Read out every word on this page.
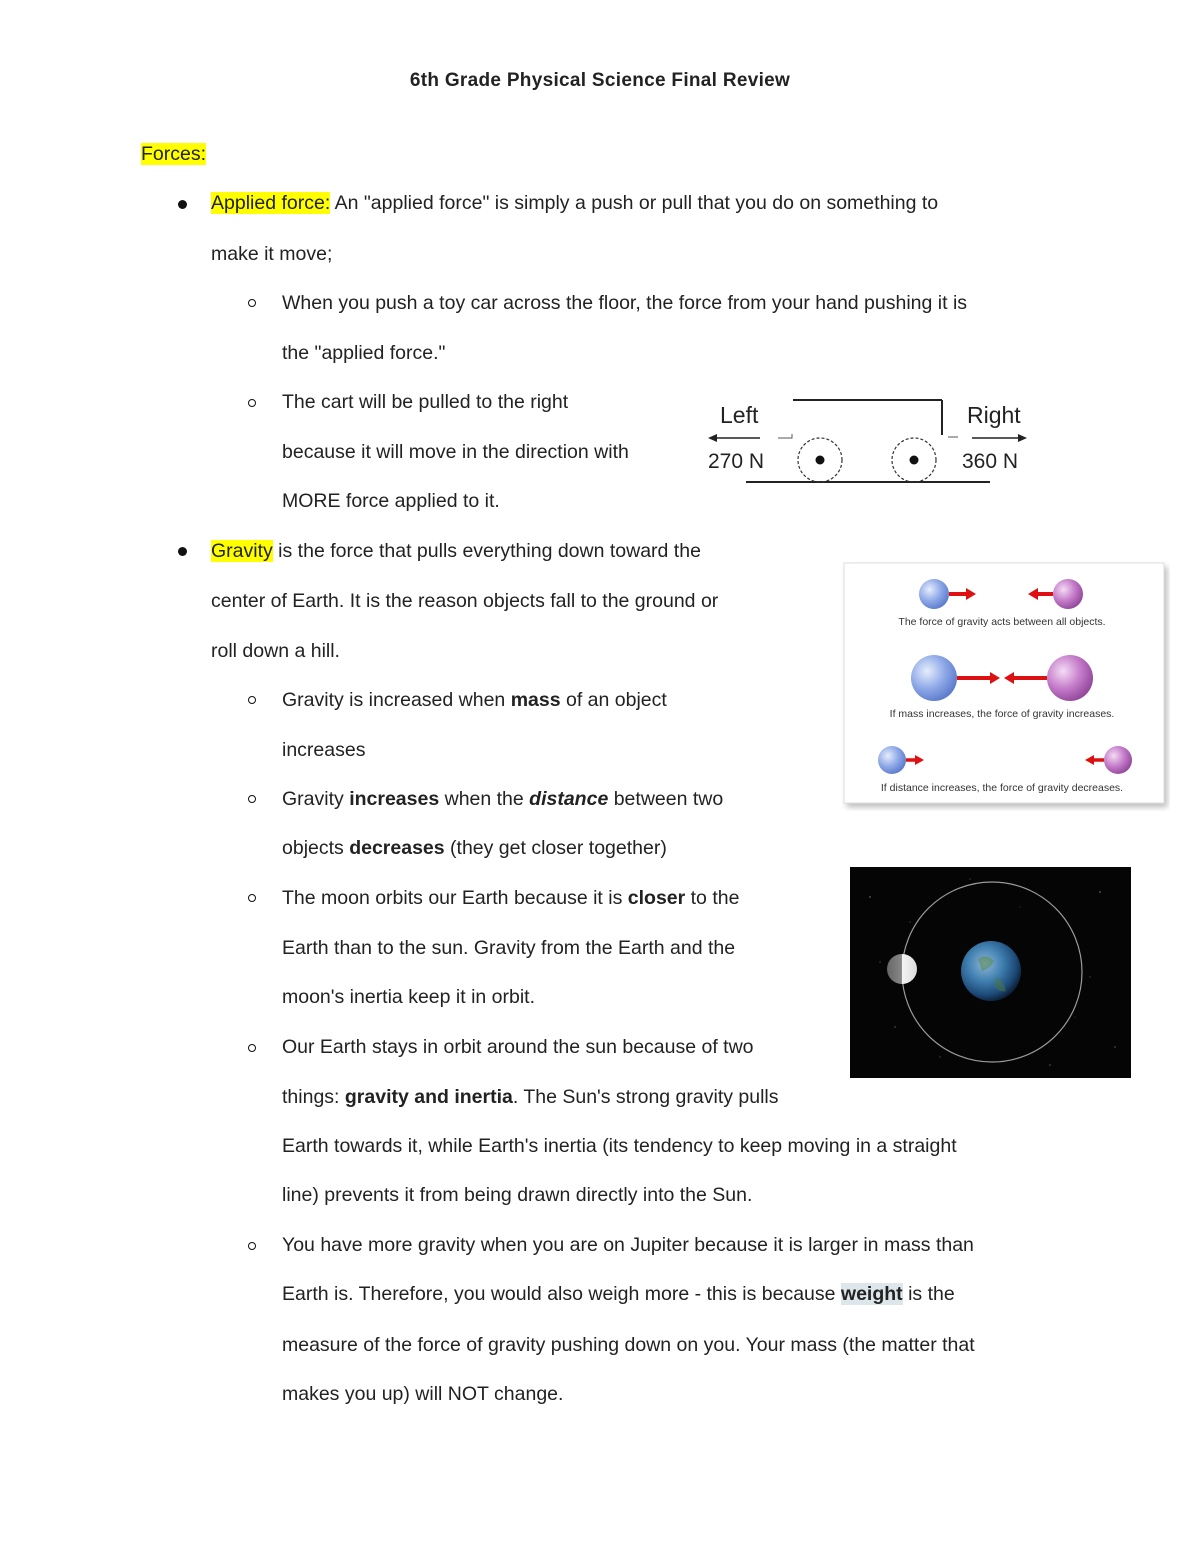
6th Grade Physical Science Final Review
Forces:
Applied force: An "applied force" is simply a push or pull that you do on something to
make it move;
When you push a toy car across the floor, the force from your hand pushing it is
the "applied force."
The cart will be pulled to the right
because it will move in the direction with
MORE force applied to it.
Left	Right
270 N	360 N
Gravity is the force that pulls everything down toward the
center of Earth. It is the reason objects fall to the ground or
roll down a hill.
Gravity is increased when mass of an object
increases
Gravity increases when the distance between two
objects decreases (they get closer together)
The moon orbits our Earth because it is closer to the
Earth than to the sun. Gravity from the Earth and the
moon's inertia keep it in orbit.
Our Earth stays in orbit around the sun because of two
things: gravity and inertia. The Sun's strong gravity pulls
Earth towards it, while Earth's inertia (its tendency to keep moving in a straight
line) prevents it from being drawn directly into the Sun.
You have more gravity when you are on Jupiter because it is larger in mass than
Earth is. Therefore, you would also weigh more - this is because weight is the
measure of the force of gravity pushing down on you. Your mass (the matter that
makes you up) will NOT change.
The force of gravity acts between all objects.
If mass increases, the force of gravity increases.
If distance increases, the force of gravity decreases.
